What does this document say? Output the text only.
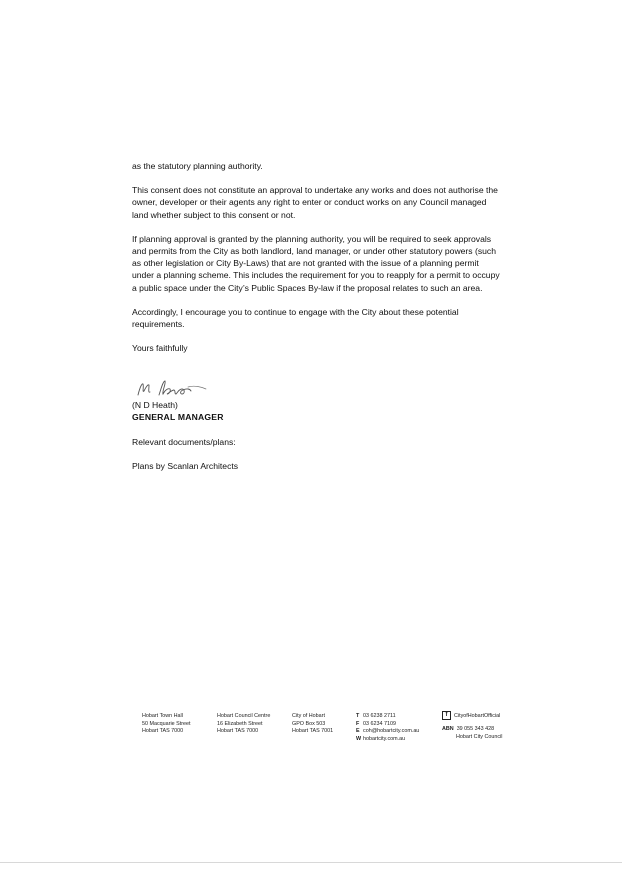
as the statutory planning authority.

This consent does not constitute an approval to undertake any works and does not authorise the owner, developer or their agents any right to enter or conduct works on any Council managed land whether subject to this consent or not.

If planning approval is granted by the planning authority, you will be required to seek approvals and permits from the City as both landlord, land manager, or under other statutory powers (such as other legislation or City By-Laws) that are not granted with the issue of a planning permit under a planning scheme. This includes the requirement for you to reapply for a permit to occupy a public space under the City’s Public Spaces By-law if the proposal relates to such an area.

Accordingly, I encourage you to continue to engage with the City about these potential requirements.

Yours faithfully

(N D Heath)
GENERAL MANAGER

Relevant documents/plans:

Plans by Scanlan Architects

Hobart Town Hall
50 Macquarie Street
Hobart TAS 7000
Hobart Council Centre
16 Elizabeth Street
Hobart TAS 7000
City of Hobart
GPO Box 503
Hobart TAS 7001
T 03 6238 2711
F 03 6234 7109
E coh@hobartcity.com.au
W hobartcity.com.au
f CityofHobartOfficial
ABN 39 055 343 428
Hobart City Council
